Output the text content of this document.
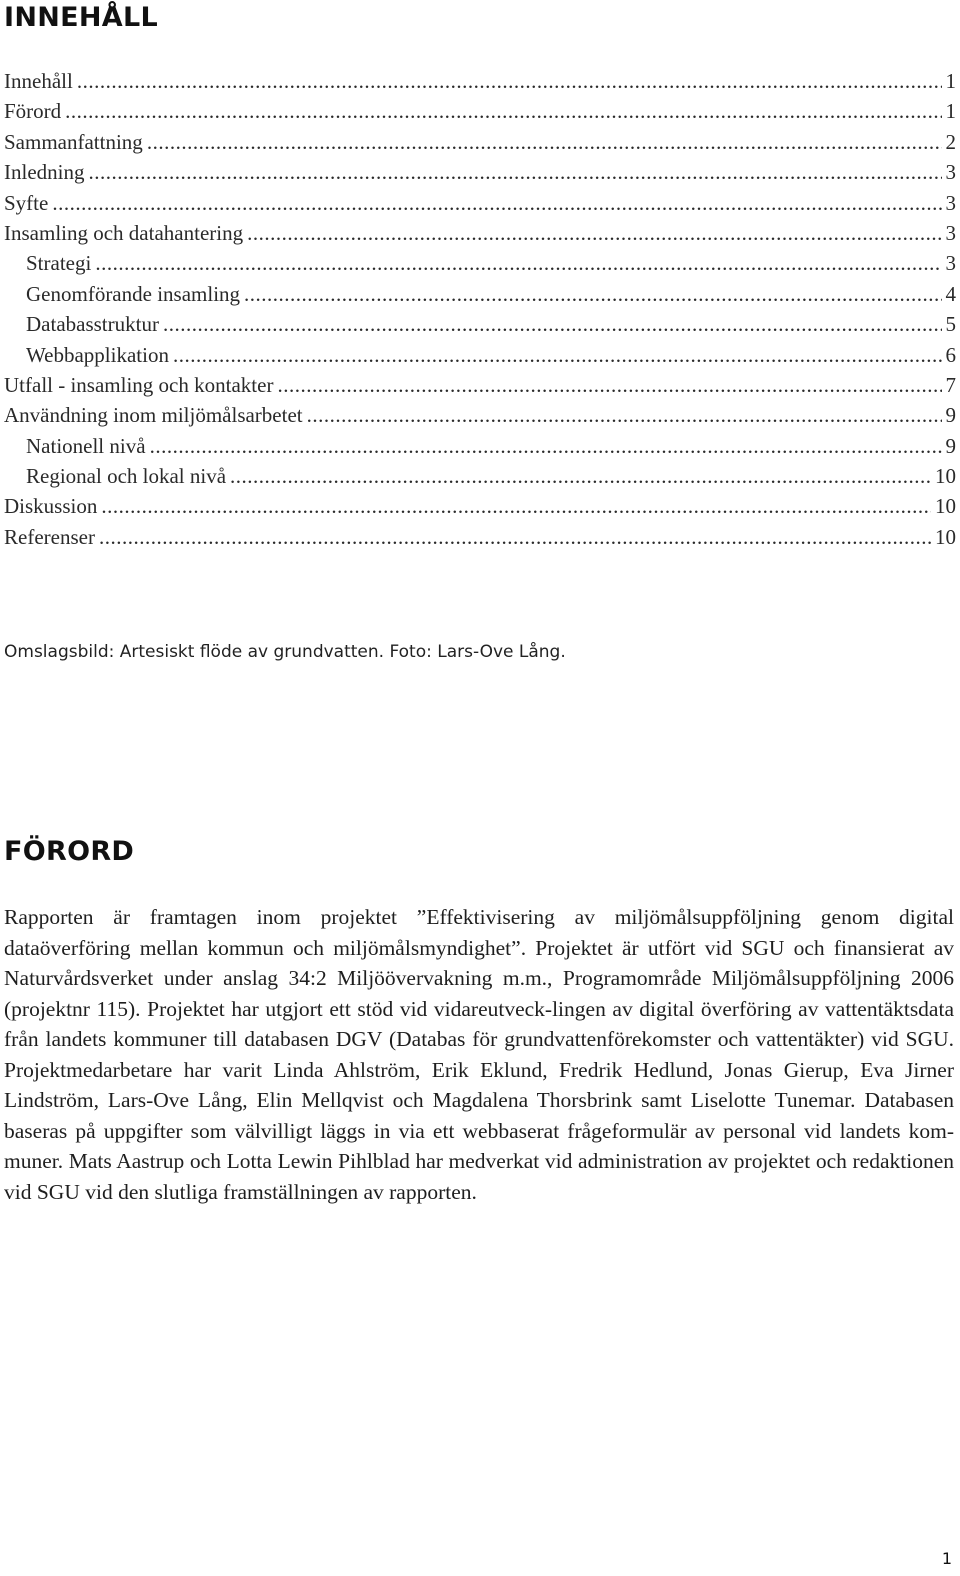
INNEHÅLL
Innehåll .....	1
Förord .....	1
Sammanfattning .....	2
Inledning .....	3
Syfte .....	3
Insamling och datahantering .....	3
Strategi .....	3
Genomförande insamling .....	4
Databasstruktur .....	5
Webbapplikation .....	6
Utfall - insamling och kontakter .....	7
Användning inom miljömålsarbetet .....	9
Nationell nivå .....	9
Regional och lokal nivå .....	10
Diskussion .....	10
Referenser .....	10

Omslagsbild: Artesiskt flöde av grundvatten. Foto: Lars-Ove Lång.

FÖRORD

Rapporten är framtagen inom projektet ”Effektivisering av miljömålsuppföljning genom digital dataöverföring mellan kommun och miljömålsmyndighet”. Projektet är utfört vid SGU och finansierat av Naturvårdsverket under anslag 34:2 Miljöövervakning m.m., Programområde Miljömålsuppföljning 2006 (projektnr 115). Projektet har utgjort ett stöd vid vidareutveck-lingen av digital överföring av vattentäktsdata från landets kommuner till databasen DGV (Databas för grundvattenförekomster och vattentäkter) vid SGU. Projektmedarbetare har varit Linda Ahlström, Erik Eklund, Fredrik Hedlund, Jonas Gierup, Eva Jirner Lindström, Lars-Ove Lång, Elin Mellqvist och Magdalena Thorsbrink samt Liselotte Tunemar. Databasen baseras på uppgifter som välvilligt läggs in via ett webbaserat frågeformulär av personal vid landets kom-muner. Mats Aastrup och Lotta Lewin Pihlblad har medverkat vid administration av projektet och redaktionen vid SGU vid den slutliga framställningen av rapporten.

1
